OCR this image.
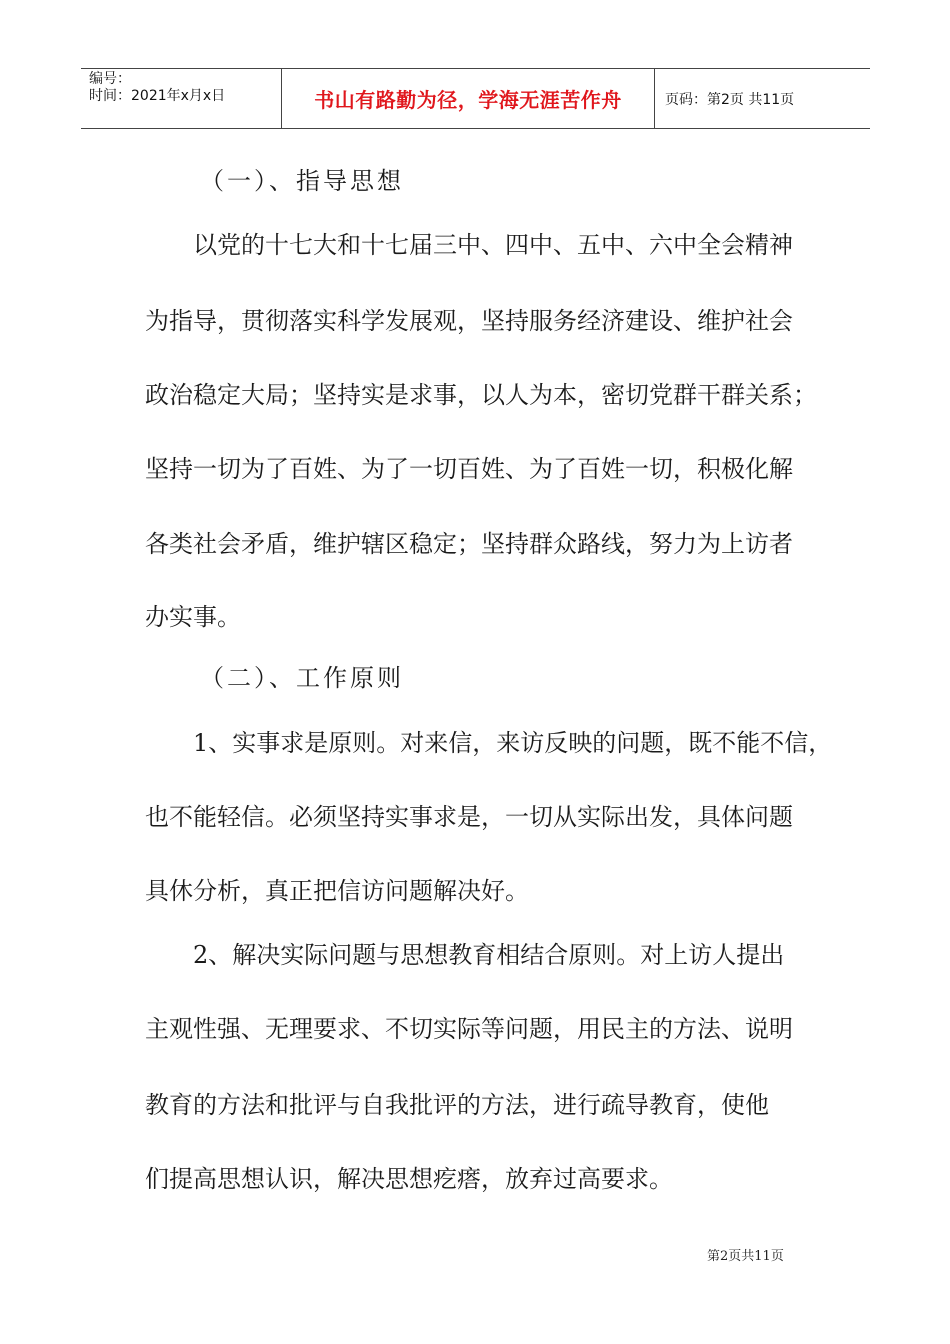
编号：
时间：2021年x月x日	书山有路勤为径，学海无涯苦作舟	页码：第2页 共11页
（一）、指导思想
以党的十七大和十七届三中、四中、五中、六中全会精神
为指导，贯彻落实科学发展观，坚持服务经济建设、维护社会
政治稳定大局；坚持实是求事，以人为本，密切党群干群关系；
坚持一切为了百姓、为了一切百姓、为了百姓一切，积极化解
各类社会矛盾，维护辖区稳定；坚持群众路线，努力为上访者
办实事。
（二）、工作原则
1、实事求是原则。对来信，来访反映的问题，既不能不信，
也不能轻信。必须坚持实事求是，一切从实际出发，具体问题
具休分析，真正把信访问题解决好。
2、解决实际问题与思想教育相结合原则。对上访人提出
主观性强、无理要求、不切实际等问题，用民主的方法、说明
教育的方法和批评与自我批评的方法，进行疏导教育，使他
们提高思想认识，解决思想疙瘩，放弃过高要求。
第2页共11页
